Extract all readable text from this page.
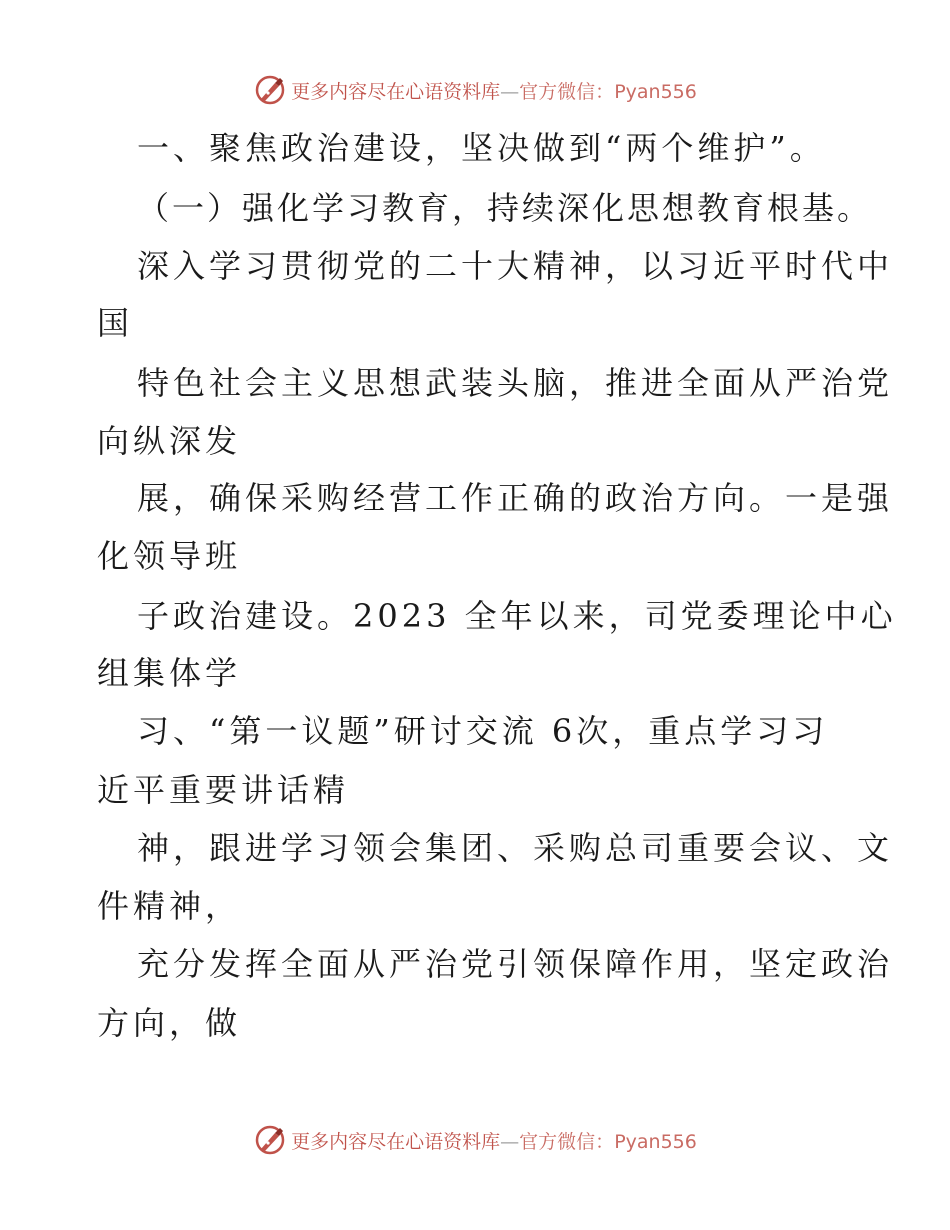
更多内容尽在心语资料库—官方微信：Pyan556
一、聚焦政治建设，坚决做到“两个维护”。
（一）强化学习教育，持续深化思想教育根基。
深入学习贯彻党的二十大精神，以习近平时代中
国
特色社会主义思想武装头脑，推进全面从严治党
向纵深发
展，确保采购经营工作正确的政治方向。一是强
化领导班
子政治建设。2023 全年以来，司党委理论中心
组集体学
习、“第一议题”研讨交流 6次，重点学习习
近平重要讲话精
神，跟进学习领会集团、采购总司重要会议、文
件精神，
充分发挥全面从严治党引领保障作用，坚定政治
方向，做
更多内容尽在心语资料库—官方微信：Pyan556
